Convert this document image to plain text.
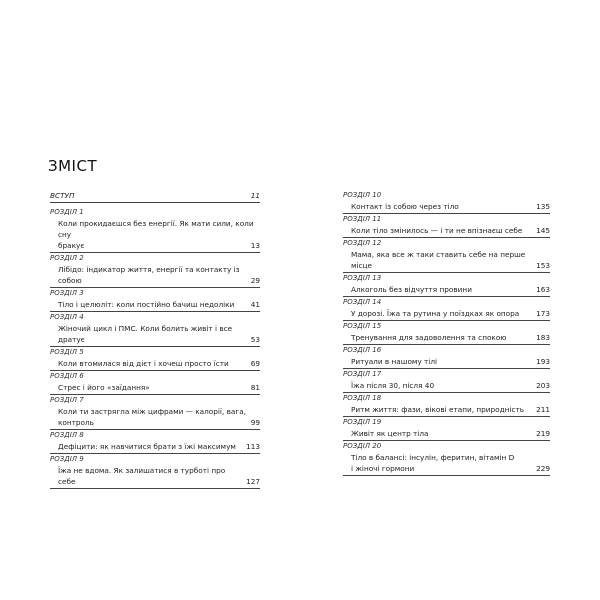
ЗМІСТ
ВСТУП	11
РОЗДІЛ 1
Коли прокидаєшся без енергії. Як мати сили, коли сну
бракує	13
РОЗДІЛ 2
Лібідо: індикатор життя, енергії та контакту із собою	29
РОЗДІЛ 3
Тіло і целюліт: коли постійно бачиш недоліки	41
РОЗДІЛ 4
Жіночий цикл і ПМС. Коли болить живіт і все дратує	53
РОЗДІЛ 5
Коли втомилася від дієт і хочеш просто їсти	69
РОЗДІЛ 6
Стрес і його «заїдання»	81
РОЗДІЛ 7
Коли ти застрягла між цифрами — калорії, вага,
контроль	99
РОЗДІЛ 8
Дефіцити: як навчитися брати з їжі максимум	113
РОЗДІЛ 9
Їжа не вдома. Як залишатися в турботі про себе	127
РОЗДІЛ 10
Контакт із собою через тіло	135
РОЗДІЛ 11
Коли тіло змінилось — і ти не впізнаєш себе	145
РОЗДІЛ 12
Мама, яка все ж таки ставить себе на перше місце	153
РОЗДІЛ 13
Алкоголь без відчуття провини	163
РОЗДІЛ 14
У дорозі. Їжа та рутина у поїздках як опора	173
РОЗДІЛ 15
Тренування для задоволення та спокою	183
РОЗДІЛ 16
Ритуали в нашому тілі	193
РОЗДІЛ 17
Їжа після 30, після 40	203
РОЗДІЛ 18
Ритм життя: фази, вікові етапи, природність	211
РОЗДІЛ 19
Живіт як центр тіла	219
РОЗДІЛ 20
Тіло в балансі: інсулін, феритин, вітамін D
і жіночі гормони	229
